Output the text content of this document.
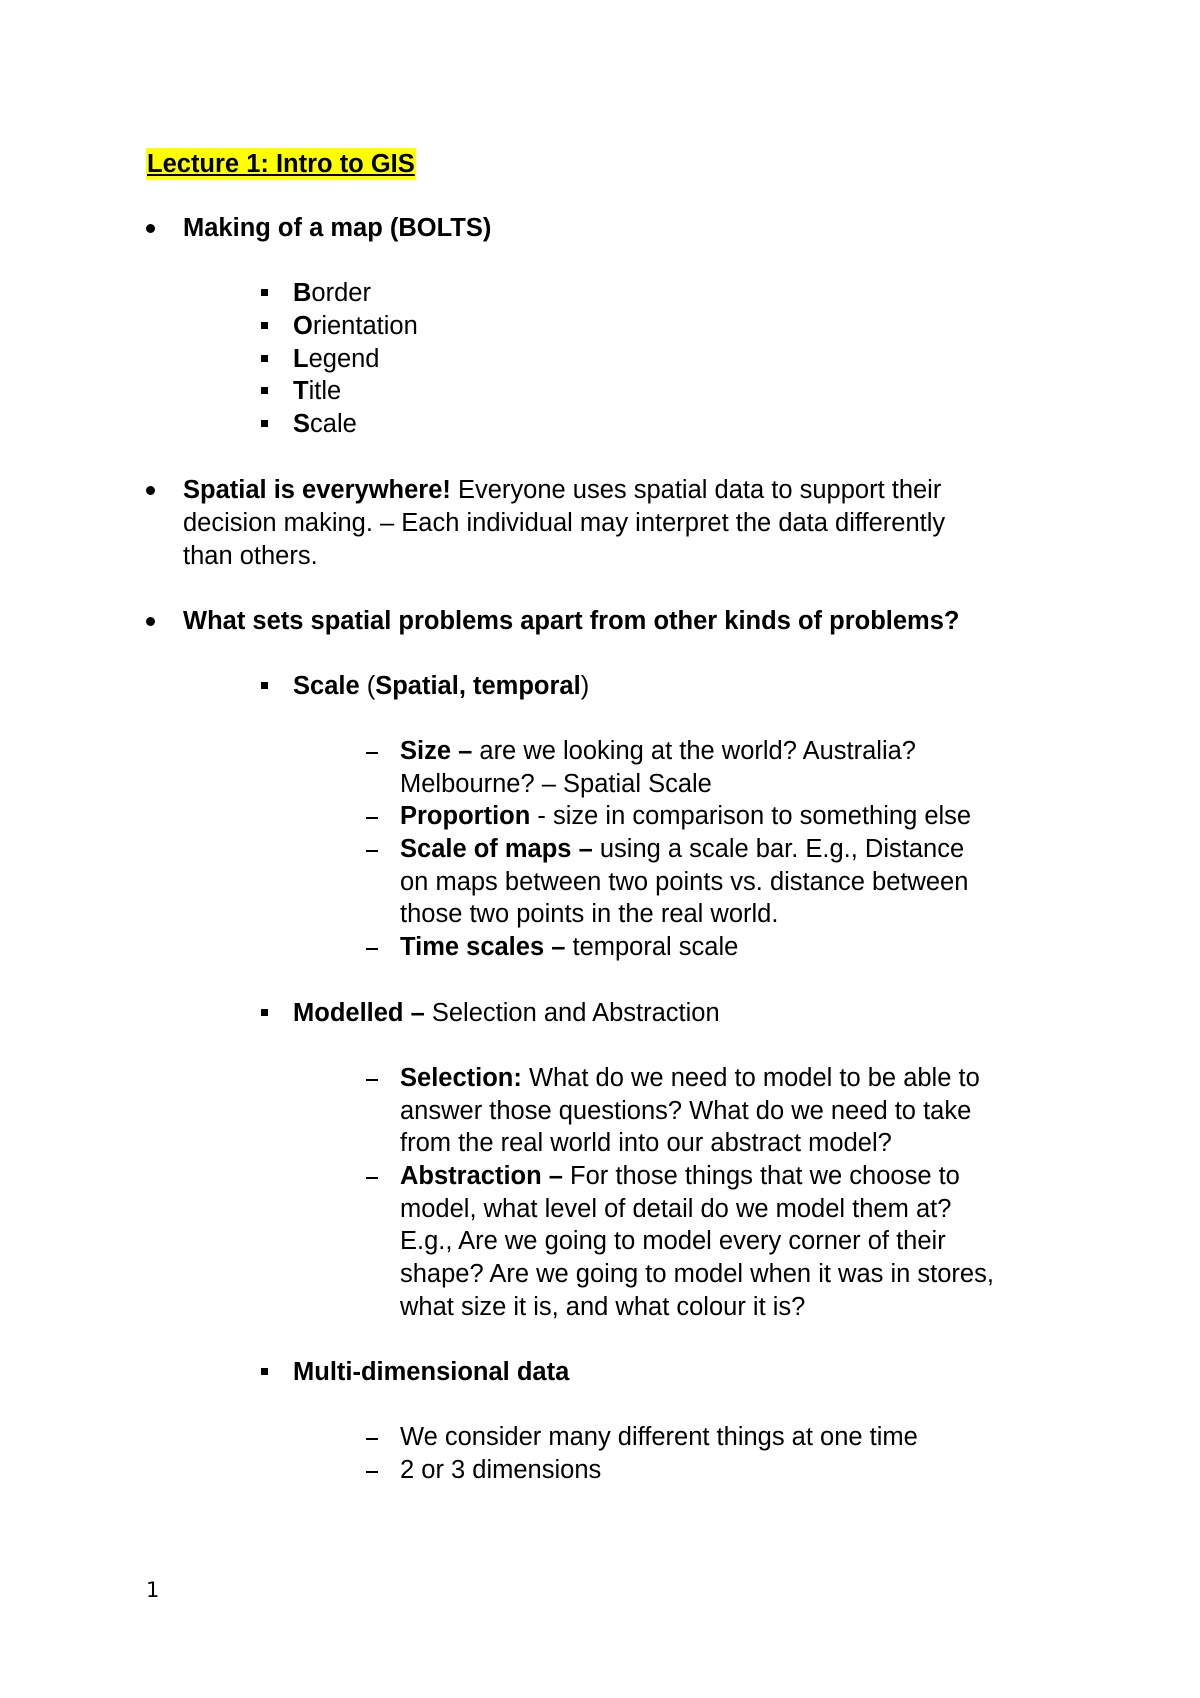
Lecture 1: Intro to GIS
Making of a map (BOLTS)
Border
Orientation
Legend
Title
Scale
Spatial is everywhere! Everyone uses spatial data to support their
decision making. – Each individual may interpret the data differently
than others.
What sets spatial problems apart from other kinds of problems?
Scale (Spatial, temporal)
Size – are we looking at the world? Australia?
Melbourne? – Spatial Scale
Proportion - size in comparison to something else
Scale of maps – using a scale bar. E.g., Distance
on maps between two points vs. distance between
those two points in the real world.
Time scales – temporal scale
Modelled – Selection and Abstraction
Selection: What do we need to model to be able to
answer those questions? What do we need to take
from the real world into our abstract model?
Abstraction – For those things that we choose to
model, what level of detail do we model them at?
E.g., Are we going to model every corner of their
shape? Are we going to model when it was in stores,
what size it is, and what colour it is?
Multi-dimensional data
We consider many different things at one time
2 or 3 dimensions
1
